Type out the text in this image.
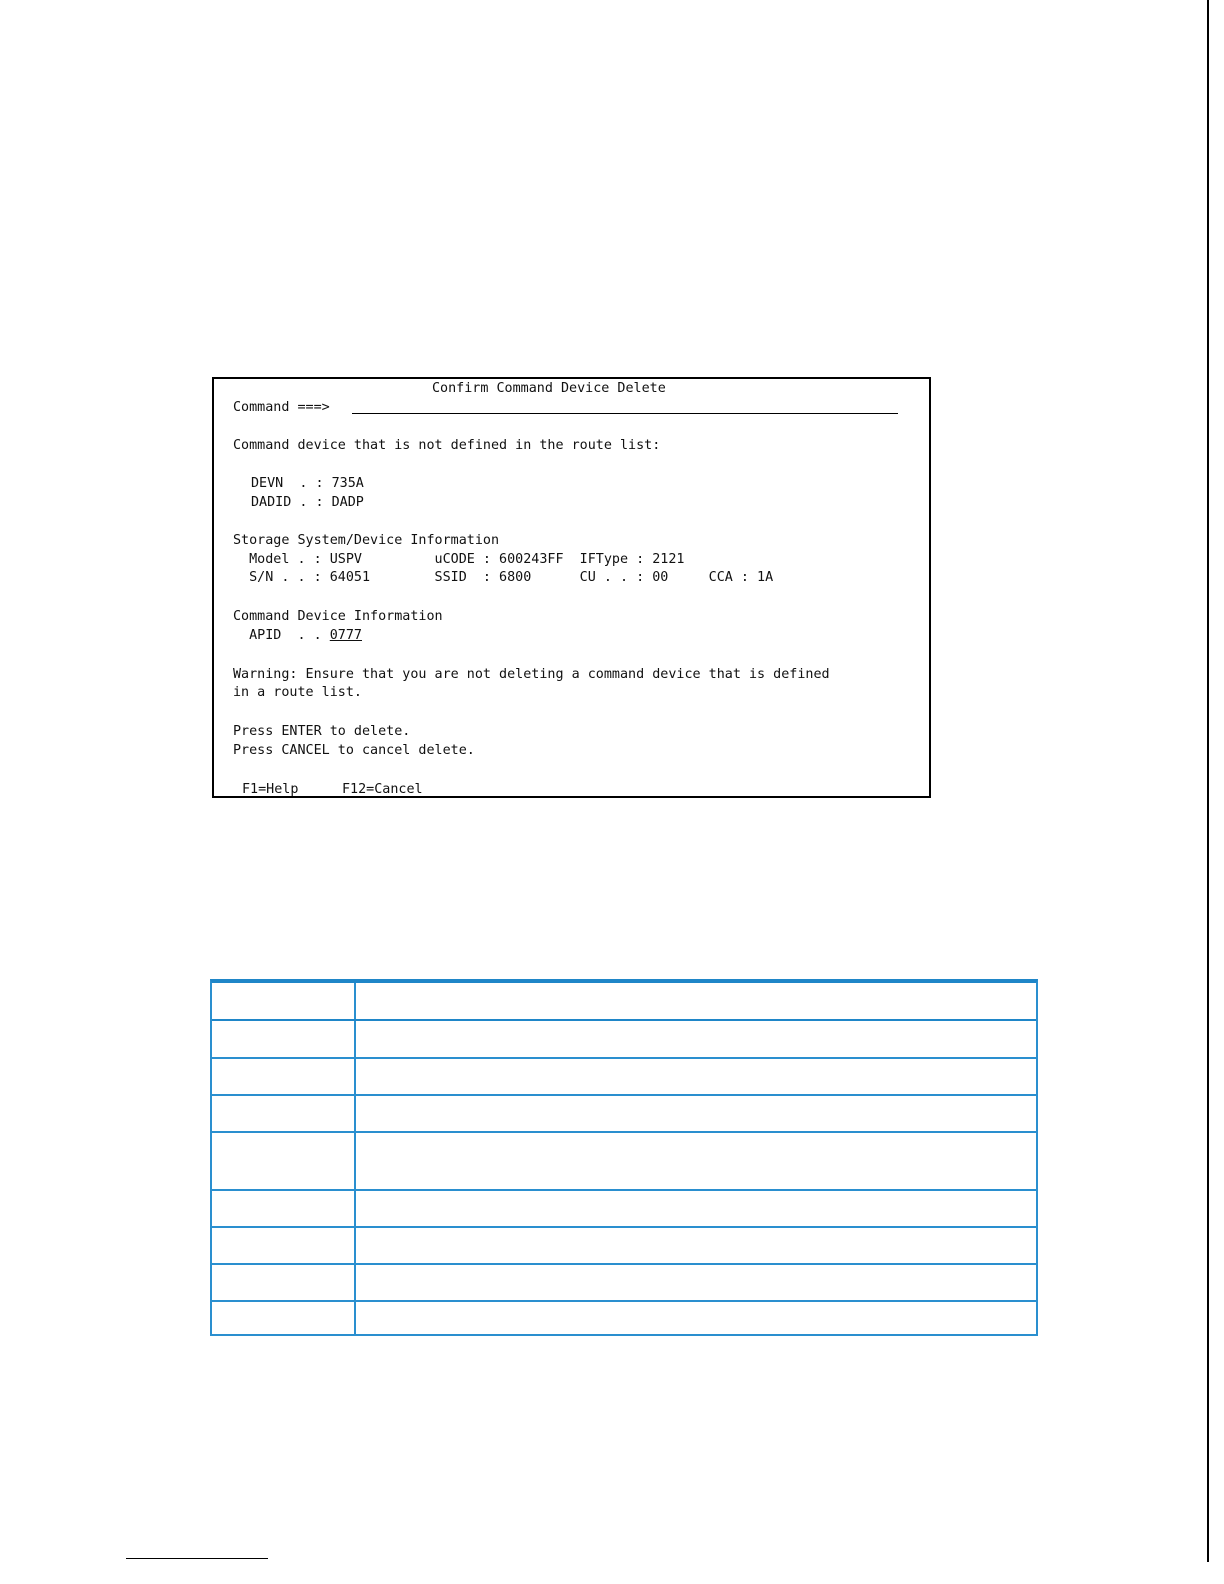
Confirm Command Device Delete
Command ===>
Command device that is not defined in the route list:
DEVN  . : 735A
DADID . : DADP
Storage System/Device Information
Model . : USPV         uCODE : 600243FF  IFType : 2121
S/N . . : 64051        SSID  : 6800      CU . . : 00     CCA : 1A
Command Device Information
APID  . . 0777
Warning: Ensure that you are not deleting a command device that is defined
in a route list.
Press ENTER to delete.
Press CANCEL to cancel delete.
F1=Help	F12=Cancel
